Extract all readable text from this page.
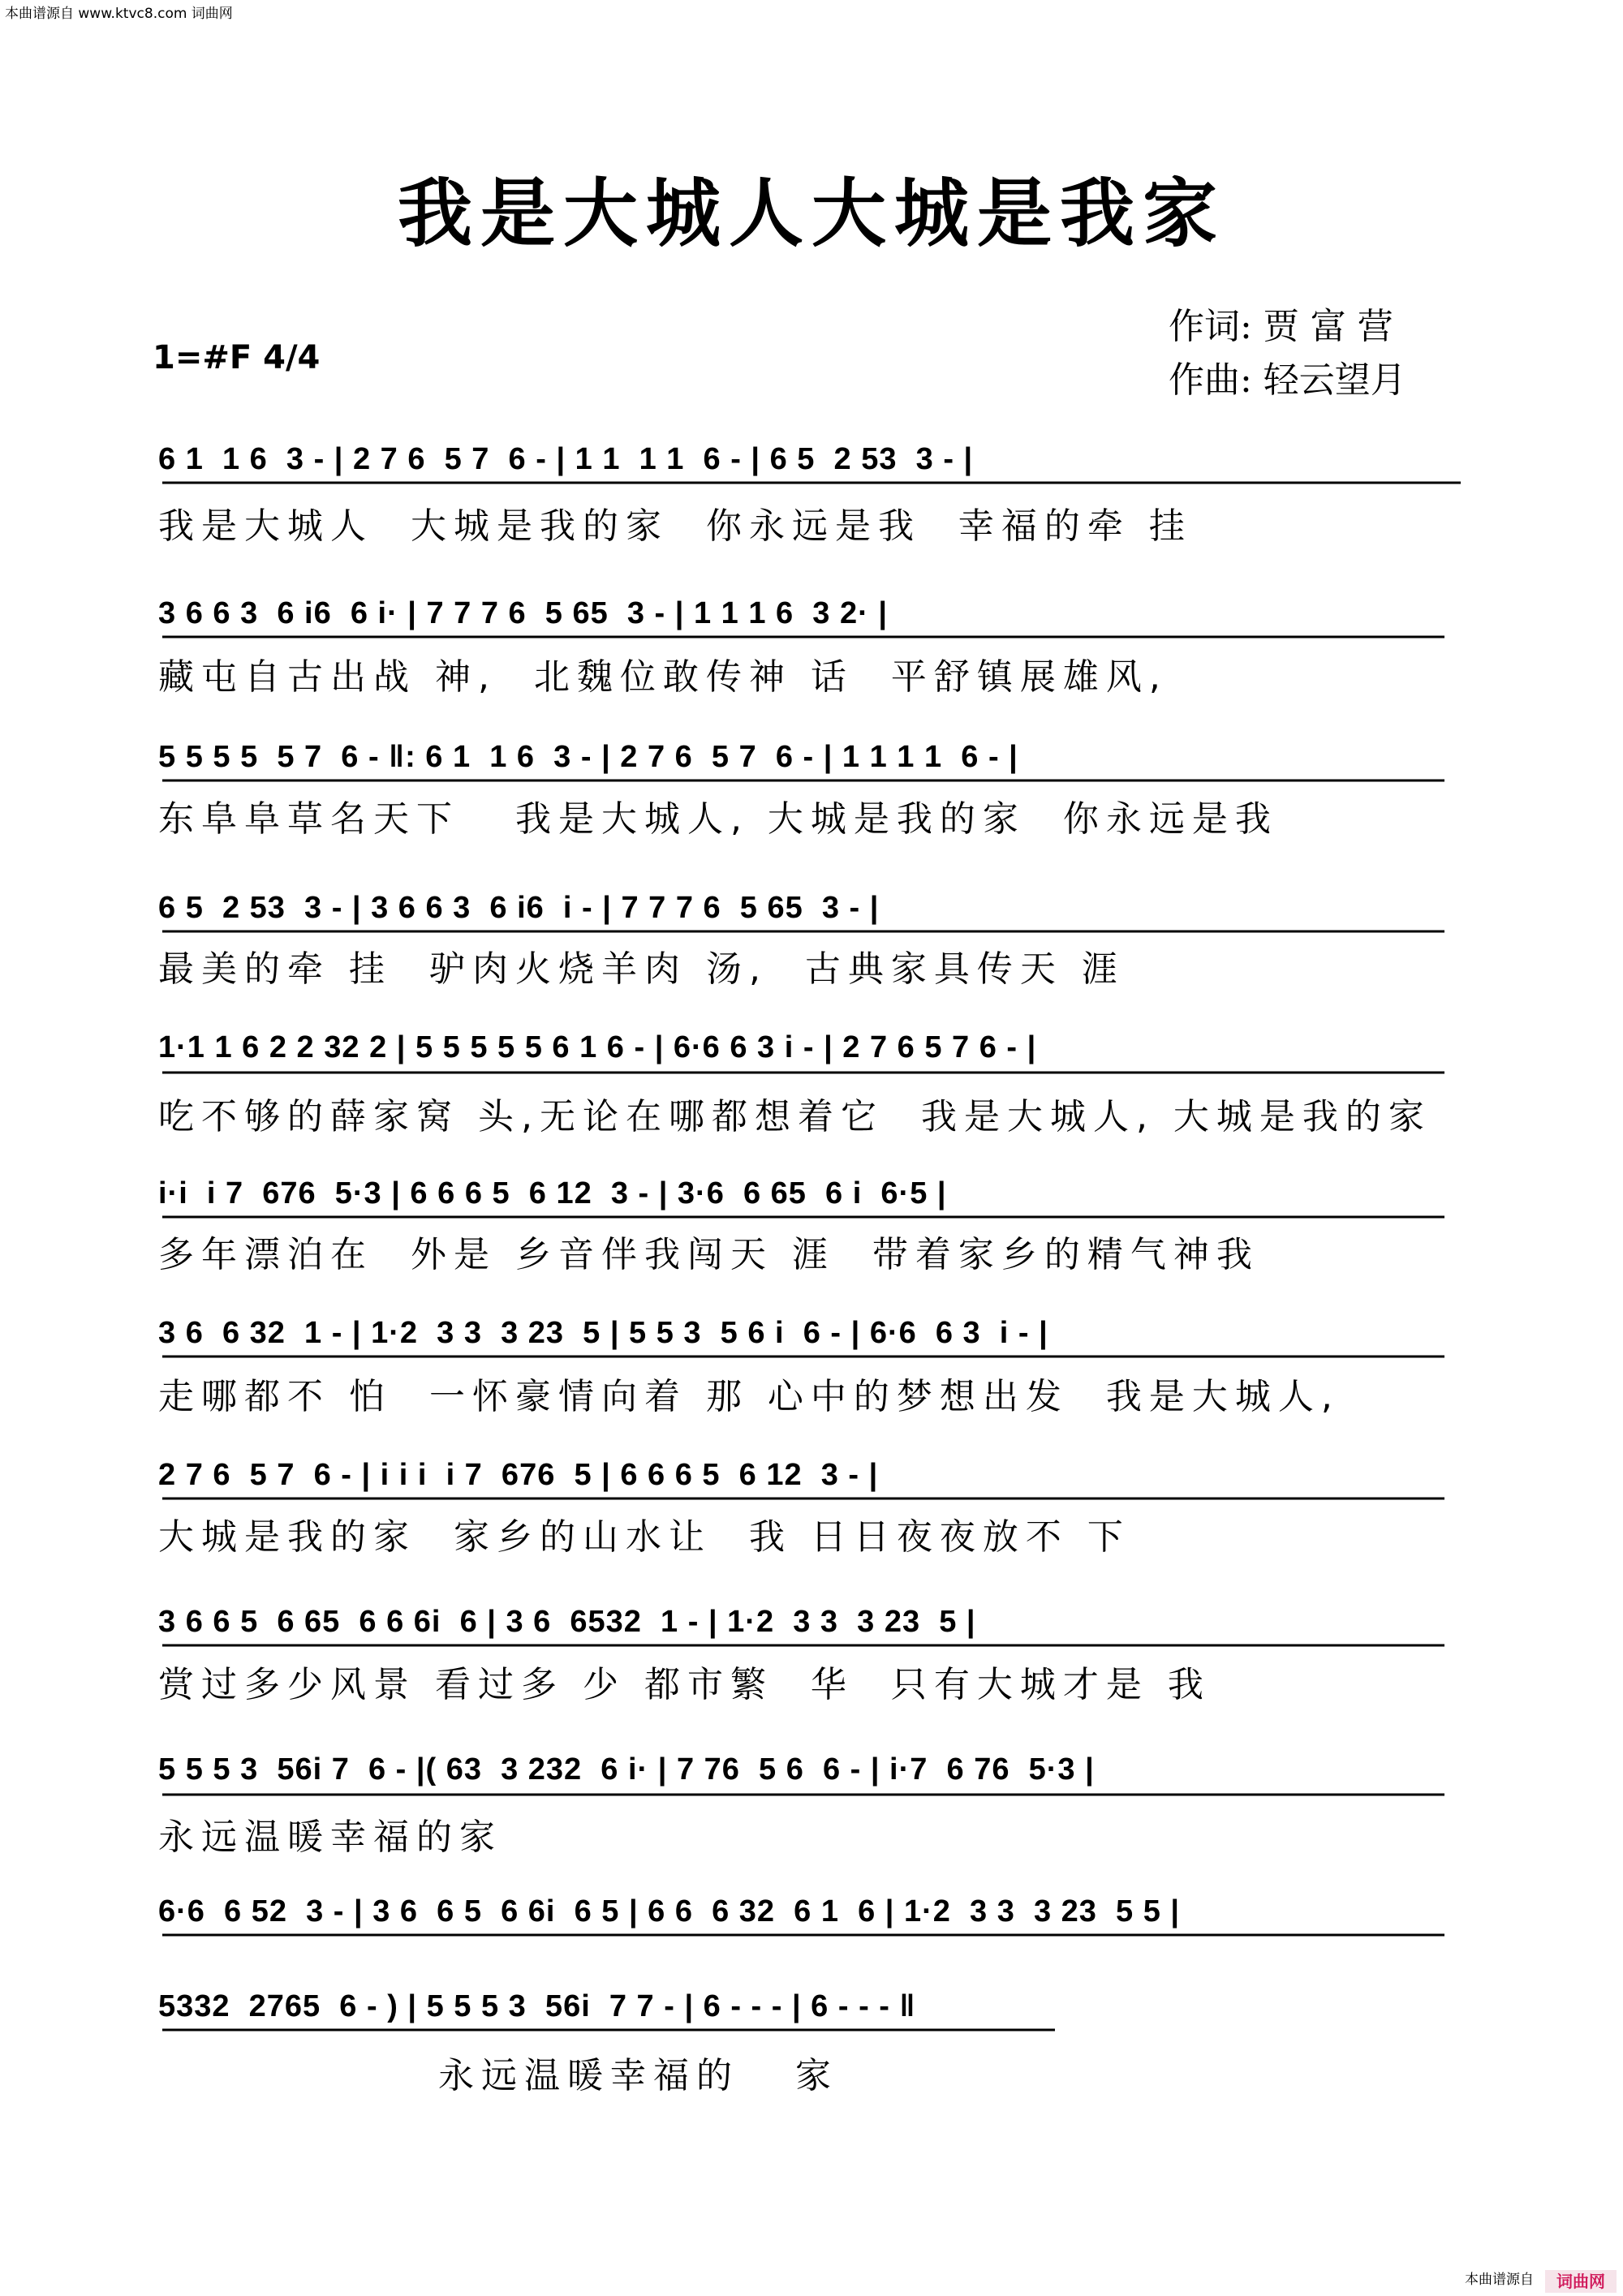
本曲谱源自 www.ktvc8.com 词曲网
我是大城人大城是我家
1=#F 4/4
作词: 贾 富 营
作曲: 轻云望月
6 1  1 6  3 - | 2 7 6  5 7  6 - | 1 1  1 1  6 - | 6 5  2 53  3 - |
我是大城人  大城是我的家  你永远是我  幸福的牵 挂
3 6 6 3  6 i6  6 i· | 7 7 7 6  5 65  3 - | 1 1 1 6  3 2· |
藏屯自古出战 神,  北魏位敢传神 话  平舒镇展雄风,
5 5 5 5  5 7  6 - ‖: 6 1  1 6  3 - | 2 7 6  5 7  6 - | 1 1 1 1  6 - |
东阜阜草名天下   我是大城人, 大城是我的家  你永远是我
6 5  2 53  3 - | 3 6 6 3  6 i6  i - | 7 7 7 6  5 65  3 - |
最美的牵 挂  驴肉火烧羊肉 汤,  古典家具传天 涯
1·1 1 6 2 2 32 2 | 5 5 5 5 5 6 1 6 - | 6·6 6 3 i - | 2 7 6 5 7 6 - |
吃不够的薛家窝 头,无论在哪都想着它  我是大城人, 大城是我的家
i·i  i 7  676  5·3 | 6 6 6 5  6 12  3 - | 3·6  6 65  6 i  6·5 |
多年漂泊在  外是 乡音伴我闯天 涯  带着家乡的精气神我
3 6  6 32  1 - | 1·2  3 3  3 23  5 | 5 5 3  5 6 i  6 - | 6·6  6 3  i - |
走哪都不 怕  一怀豪情向着 那 心中的梦想出发  我是大城人,
2 7 6  5 7  6 - | i i i  i 7  676  5 | 6 6 6 5  6 12  3 - |
大城是我的家  家乡的山水让  我 日日夜夜放不 下
3 6 6 5  6 65  6 6 6i  6 | 3 6  6532  1 - | 1·2  3 3  3 23  5 |
赏过多少风景 看过多 少 都市繁  华  只有大城才是 我
5 5 5 3  56i 7  6 - |( 63  3 232  6 i· | 7 76  5 6  6 - | i·7  6 76  5·3 |
永远温暖幸福的家
6·6  6 52  3 - | 3 6  6 5  6 6i  6 5 | 6 6  6 32  6 1  6 | 1·2  3 3  3 23  5 5 |
5332  2765  6 - ) | 5 5 5 3  56i  7 7 - | 6 - - - | 6 - - - ‖
永远温暖幸福的   家
本曲谱源自	词曲网
